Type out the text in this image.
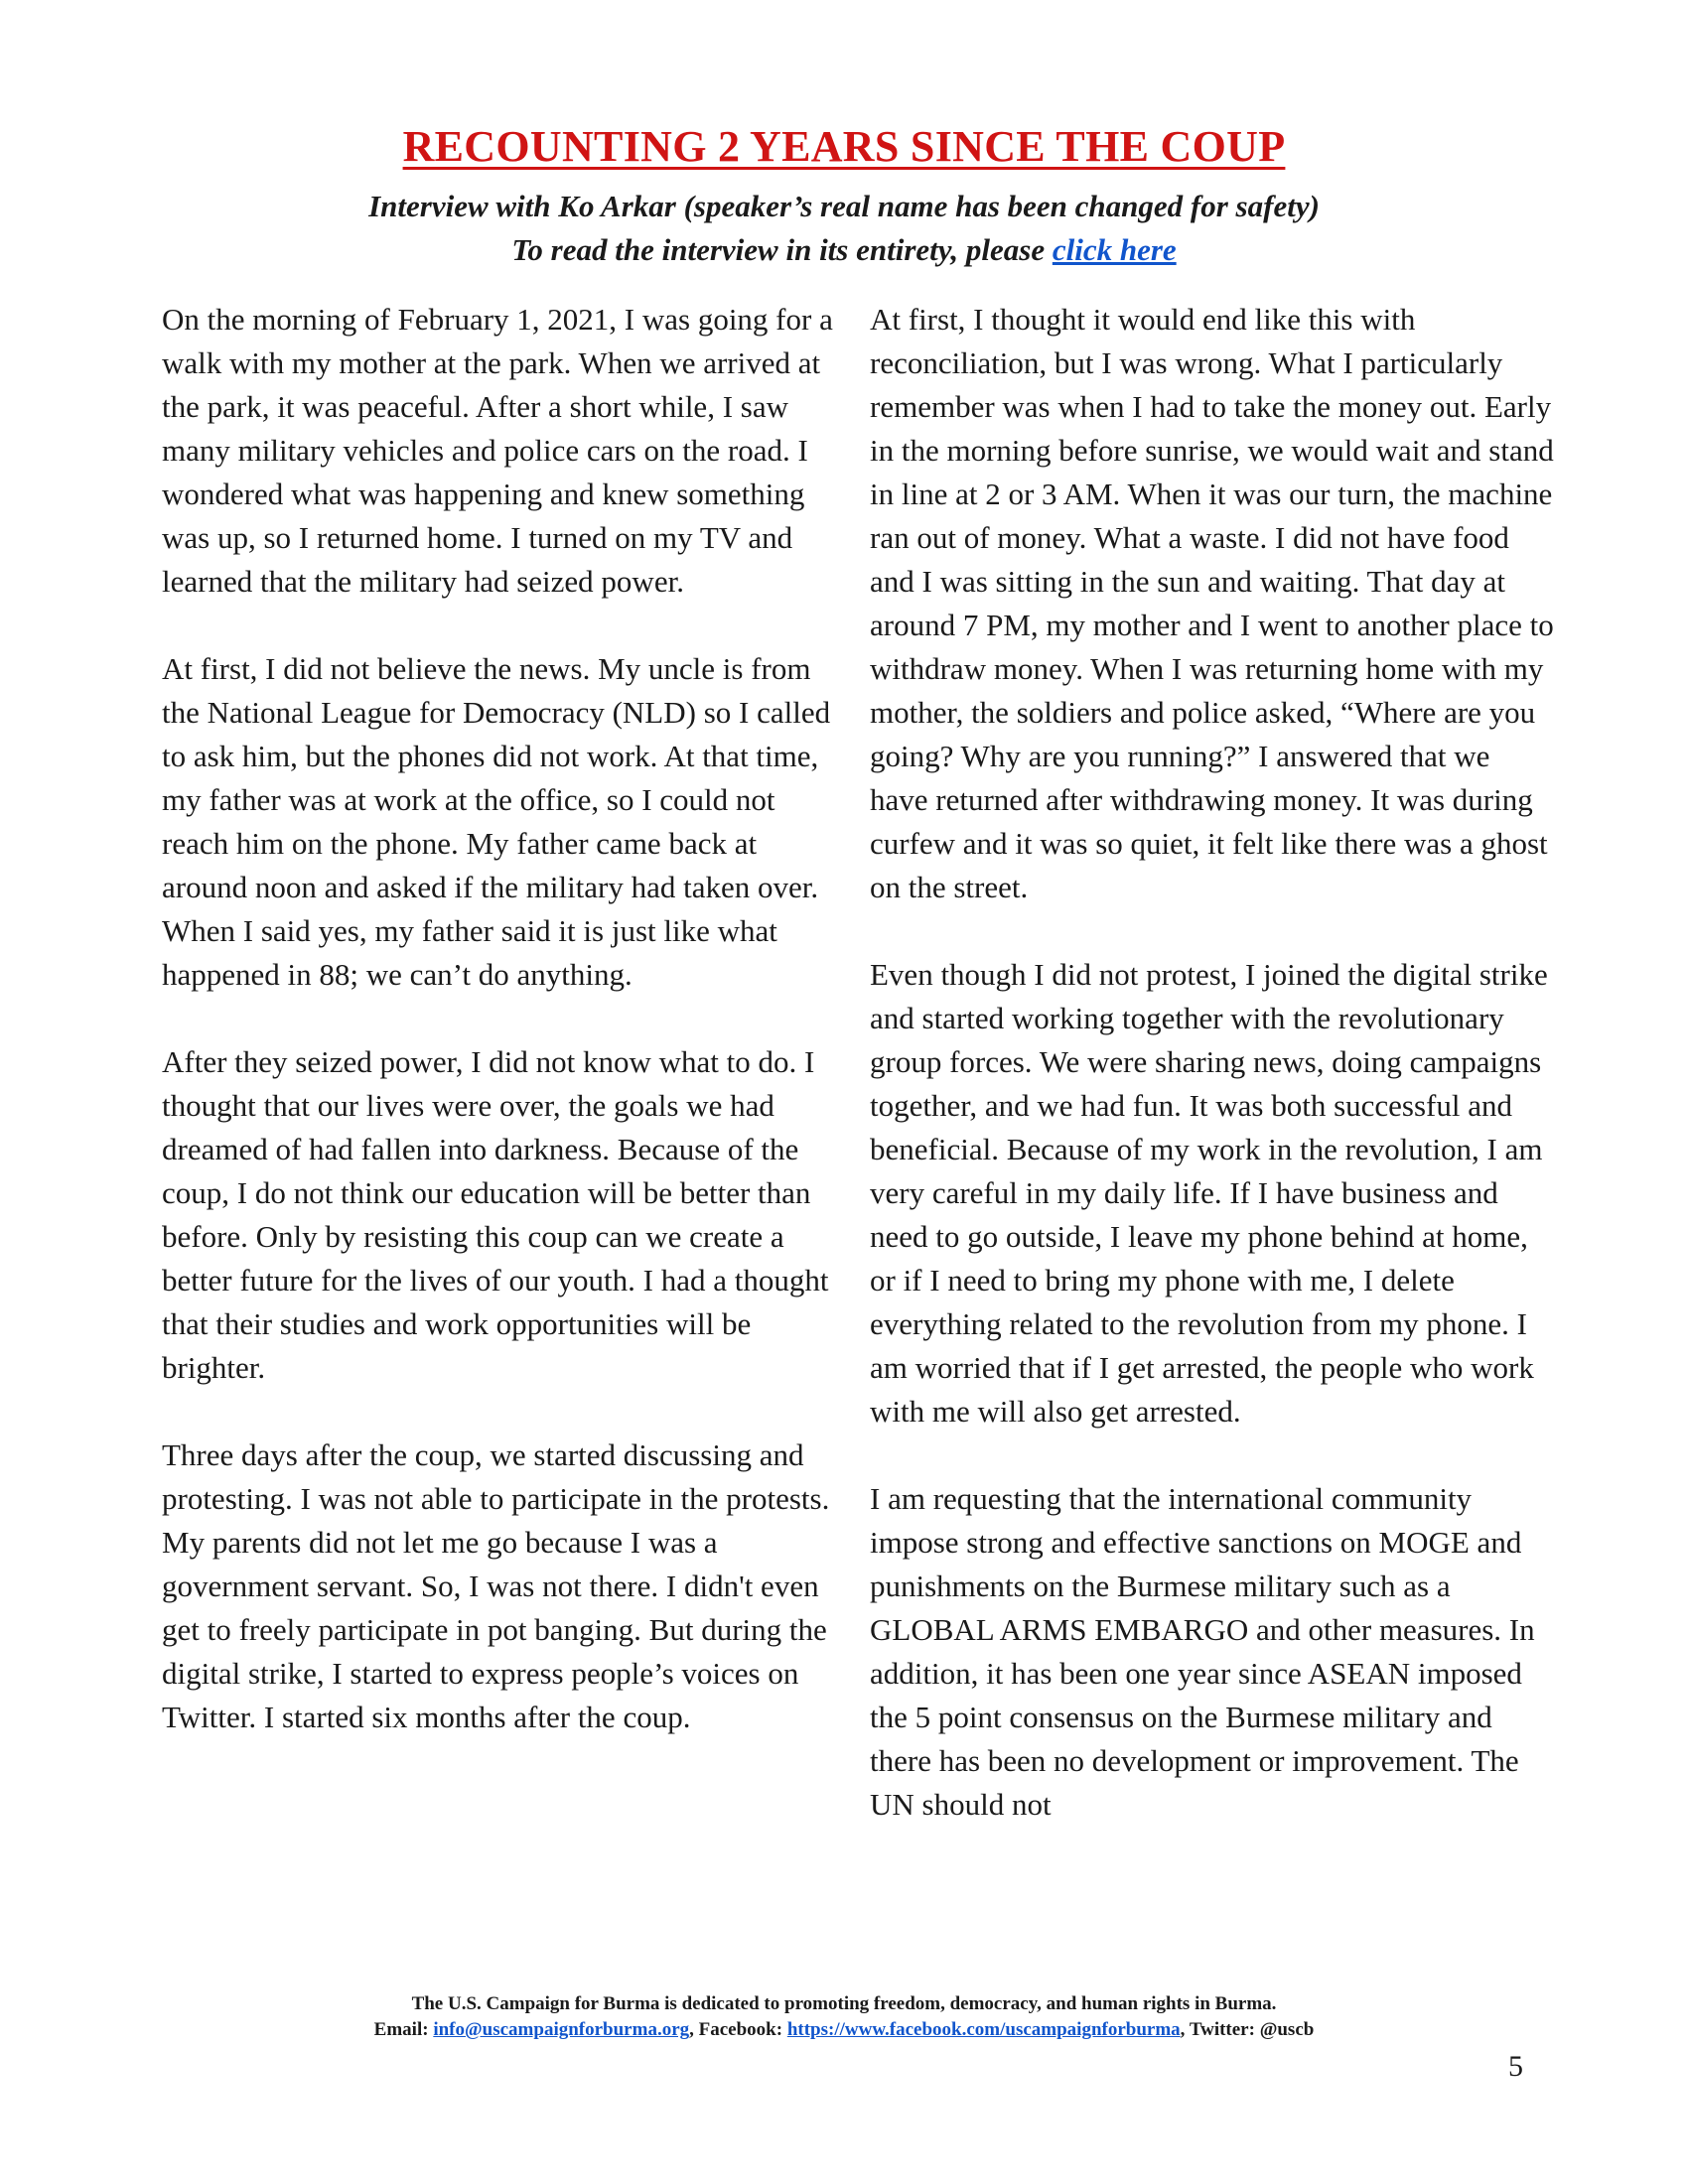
RECOUNTING 2 YEARS SINCE THE COUP

Interview with Ko Arkar (speaker’s real name has been changed for safety)

To read the interview in its entirety, please click here

On the morning of February 1, 2021, I was going for a walk with my mother at the park. When we arrived at the park, it was peaceful. After a short while, I saw many military vehicles and police cars on the road. I wondered what was happening and knew something was up, so I returned home. I turned on my TV and learned that the military had seized power.

At first, I did not believe the news. My uncle is from the National League for Democracy (NLD) so I called to ask him, but the phones did not work. At that time, my father was at work at the office, so I could not reach him on the phone. My father came back at around noon and asked if the military had taken over. When I said yes, my father said it is just like what happened in 88; we can’t do anything.

After they seized power, I did not know what to do. I thought that our lives were over, the goals we had dreamed of had fallen into darkness. Because of the coup, I do not think our education will be better than before. Only by resisting this coup can we create a better future for the lives of our youth. I had a thought that their studies and work opportunities will be brighter.

Three days after the coup, we started discussing and protesting. I was not able to participate in the protests. My parents did not let me go because I was a government servant. So, I was not there. I didn't even get to freely participate in pot banging. But during the digital strike, I started to express people’s voices on Twitter. I started six months after the coup.

At first, I thought it would end like this with reconciliation, but I was wrong. What I particularly remember was when I had to take the money out. Early in the morning before sunrise, we would wait and stand in line at 2 or 3 AM. When it was our turn, the machine ran out of money. What a waste. I did not have food and I was sitting in the sun and waiting. That day at around 7 PM, my mother and I went to another place to withdraw money. When I was returning home with my mother, the soldiers and police asked, “Where are you going? Why are you running?” I answered that we have returned after withdrawing money. It was during curfew and it was so quiet, it felt like there was a ghost on the street.

Even though I did not protest, I joined the digital strike and started working together with the revolutionary group forces. We were sharing news, doing campaigns together, and we had fun. It was both successful and beneficial. Because of my work in the revolution, I am very careful in my daily life. If I have business and need to go outside, I leave my phone behind at home, or if I need to bring my phone with me, I delete everything related to the revolution from my phone. I am worried that if I get arrested, the people who work with me will also get arrested.

I am requesting that the international community impose strong and effective sanctions on MOGE and punishments on the Burmese military such as a GLOBAL ARMS EMBARGO and other measures. In addition, it has been one year since ASEAN imposed the 5 point consensus on the Burmese military and there has been no development or improvement. The UN should not

The U.S. Campaign for Burma is dedicated to promoting freedom, democracy, and human rights in Burma.
Email: info@uscampaignforburma.org, Facebook: https://www.facebook.com/uscampaignforburma, Twitter: @uscb
5
